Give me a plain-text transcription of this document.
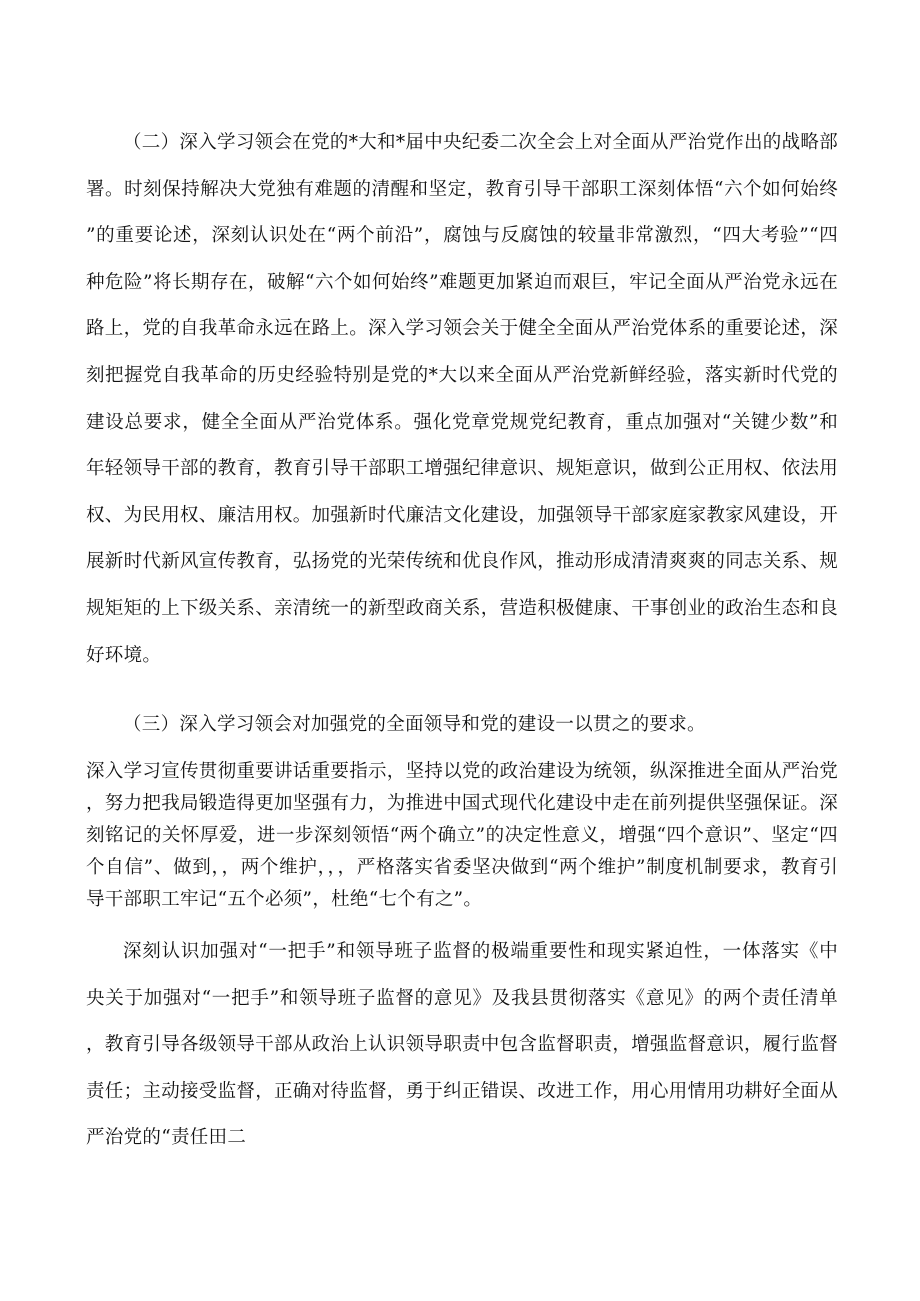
（二）深入学习领会在党的*大和*届中央纪委二次全会上对全面从严治党作出的战略部署。时刻保持解决大党独有难题的清醒和坚定，教育引导干部职工深刻体悟“六个如何始终”的重要论述，深刻认识处在“两个前沿”，腐蚀与反腐蚀的较量非常激烈，“四大考验”“四种危险”将长期存在，破解“六个如何始终”难题更加紧迫而艰巨，牢记全面从严治党永远在路上，党的自我革命永远在路上。深入学习领会关于健全全面从严治党体系的重要论述，深刻把握党自我革命的历史经验特别是党的*大以来全面从严治党新鲜经验，落实新时代党的建设总要求，健全全面从严治党体系。强化党章党规党纪教育，重点加强对“关键少数”和年轻领导干部的教育，教育引导干部职工增强纪律意识、规矩意识，做到公正用权、依法用权、为民用权、廉洁用权。加强新时代廉洁文化建设，加强领导干部家庭家教家风建设，开展新时代新风宣传教育，弘扬党的光荣传统和优良作风，推动形成清清爽爽的同志关系、规规矩矩的上下级关系、亲清统一的新型政商关系，营造积极健康、干事创业的政治生态和良好环境。

（三）深入学习领会对加强党的全面领导和党的建设一以贯之的要求。

深入学习宣传贯彻重要讲话重要指示，坚持以党的政治建设为统领，纵深推进全面从严治党，努力把我局锻造得更加坚强有力，为推进中国式现代化建设中走在前列提供坚强保证。深刻铭记的关怀厚爱，进一步深刻领悟“两个确立”的决定性意义，增强“四个意识”、坚定“四个自信”、做到，，两个维护，，，严格落实省委坚决做到“两个维护”制度机制要求，教育引导干部职工牢记“五个必须”，杜绝“七个有之”。

深刻认识加强对“一把手”和领导班子监督的极端重要性和现实紧迫性，一体落实《中央关于加强对“一把手”和领导班子监督的意见》及我县贯彻落实《意见》的两个责任清单，教育引导各级领导干部从政治上认识领导职责中包含监督职责，增强监督意识，履行监督责任；主动接受监督，正确对待监督，勇于纠正错误、改进工作，用心用情用功耕好全面从严治党的“责任田二
